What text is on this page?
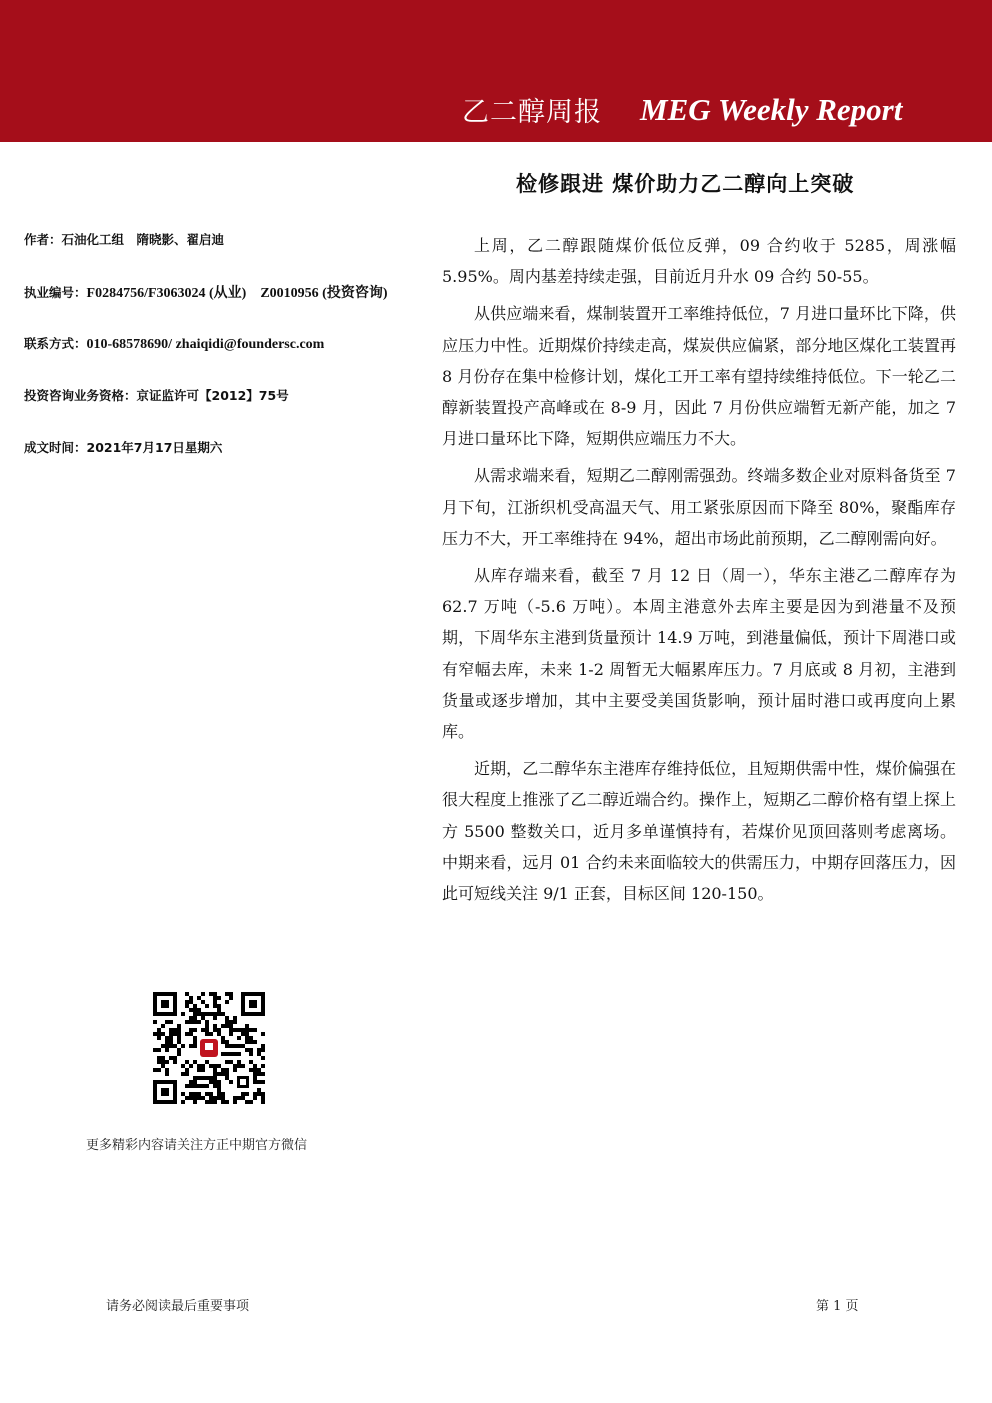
乙二醇周报 MEG Weekly Report
检修跟进 煤价助力乙二醇向上突破
作者：石油化工组　隋晓影、翟启迪
执业编号：F0284756/F3063024 (从业)　Z0010956 (投资咨询)
联系方式：010-68578690/ zhaiqidi@foundersc.com
投资咨询业务资格：京证监许可【2012】75号
成文时间：2021年7月17日星期六

上周，乙二醇跟随煤价低位反弹，09 合约收于 5285，周涨幅 5.95%。周内基差持续走强，目前近月升水 09 合约 50-55。

从供应端来看，煤制装置开工率维持低位，7 月进口量环比下降，供应压力中性。近期煤价持续走高，煤炭供应偏紧，部分地区煤化工装置再 8 月份存在集中检修计划，煤化工开工率有望持续维持低位。下一轮乙二醇新装置投产高峰或在 8-9 月，因此 7 月份供应端暂无新产能，加之 7 月进口量环比下降，短期供应端压力不大。

从需求端来看，短期乙二醇刚需强劲。终端多数企业对原料备货至 7 月下旬，江浙织机受高温天气、用工紧张原因而下降至 80%，聚酯库存压力不大，开工率维持在 94%，超出市场此前预期，乙二醇刚需向好。

从库存端来看，截至 7 月 12 日（周一），华东主港乙二醇库存为 62.7 万吨（-5.6 万吨）。本周主港意外去库主要是因为到港量不及预期，下周华东主港到货量预计 14.9 万吨，到港量偏低，预计下周港口或有窄幅去库，未来 1-2 周暂无大幅累库压力。7 月底或 8 月初，主港到货量或逐步增加，其中主要受美国货影响，预计届时港口或再度向上累库。

近期，乙二醇华东主港库存维持低位，且短期供需中性，煤价偏强在很大程度上推涨了乙二醇近端合约。操作上，短期乙二醇价格有望上探上方 5500 整数关口，近月多单谨慎持有，若煤价见顶回落则考虑离场。中期来看，远月 01 合约未来面临较大的供需压力，中期存回落压力，因此可短线关注 9/1 正套，目标区间 120-150。

更多精彩内容请关注方正中期官方微信
请务必阅读最后重要事项	第 1 页
